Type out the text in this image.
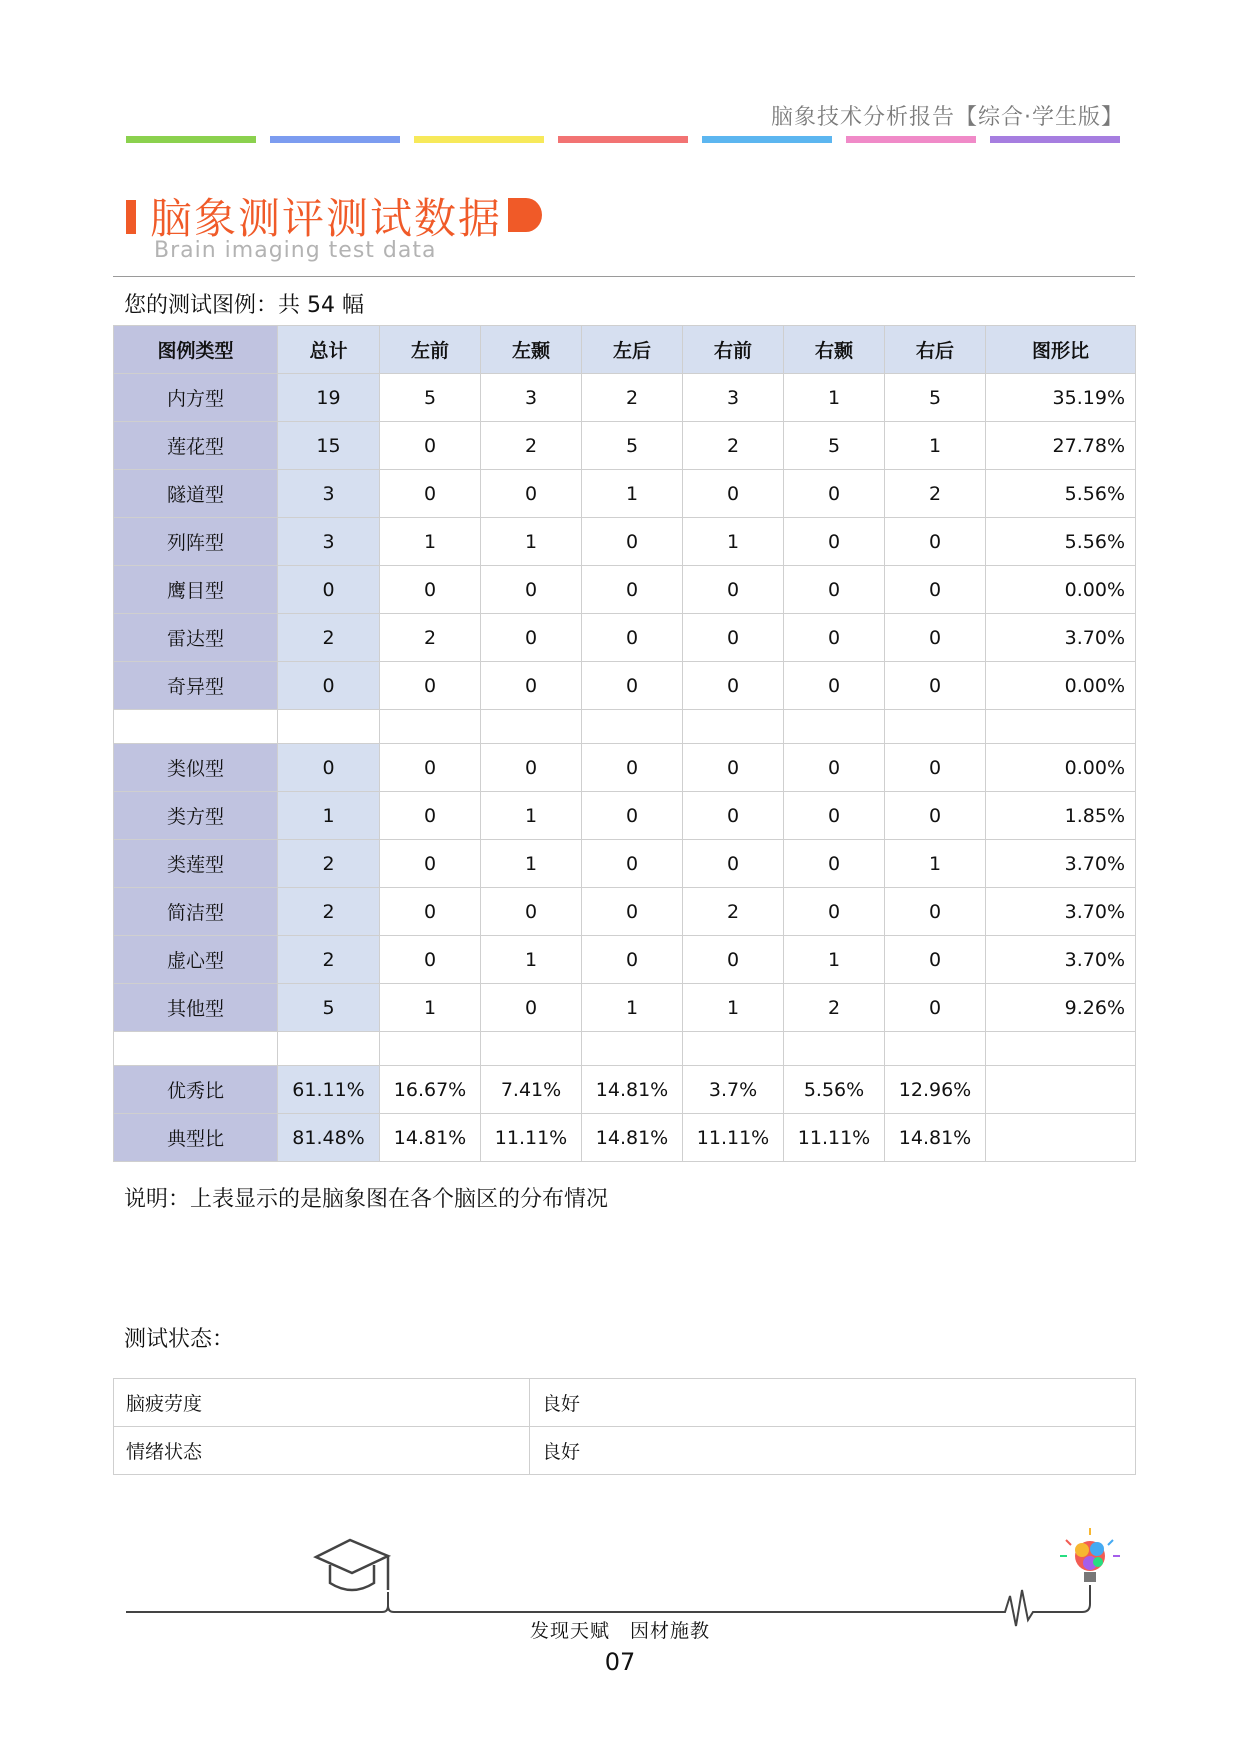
脑象技术分析报告【综合·学生版】
脑象测评测试数据
Brain imaging test data
您的测试图例：共 54 幅
图例类型	总计	左前	左颞	左后	右前	右颞	右后	图形比
内方型	19	5	3	2	3	1	5	35.19%
莲花型	15	0	2	5	2	5	1	27.78%
隧道型	3	0	0	1	0	0	2	5.56%
列阵型	3	1	1	0	1	0	0	5.56%
鹰目型	0	0	0	0	0	0	0	0.00%
雷达型	2	2	0	0	0	0	0	3.70%
奇异型	0	0	0	0	0	0	0	0.00%

类似型	0	0	0	0	0	0	0	0.00%
类方型	1	0	1	0	0	0	0	1.85%
类莲型	2	0	1	0	0	0	1	3.70%
简洁型	2	0	0	0	2	0	0	3.70%
虚心型	2	0	1	0	0	1	0	3.70%
其他型	5	1	0	1	1	2	0	9.26%

优秀比	61.11%	16.67%	7.41%	14.81%	3.7%	5.56%	12.96%	
典型比	81.48%	14.81%	11.11%	14.81%	11.11%	11.11%	14.81%	
说明：上表显示的是脑象图在各个脑区的分布情况
测试状态：
脑疲劳度	良好
情绪状态	良好
发现天赋　因材施教
07
